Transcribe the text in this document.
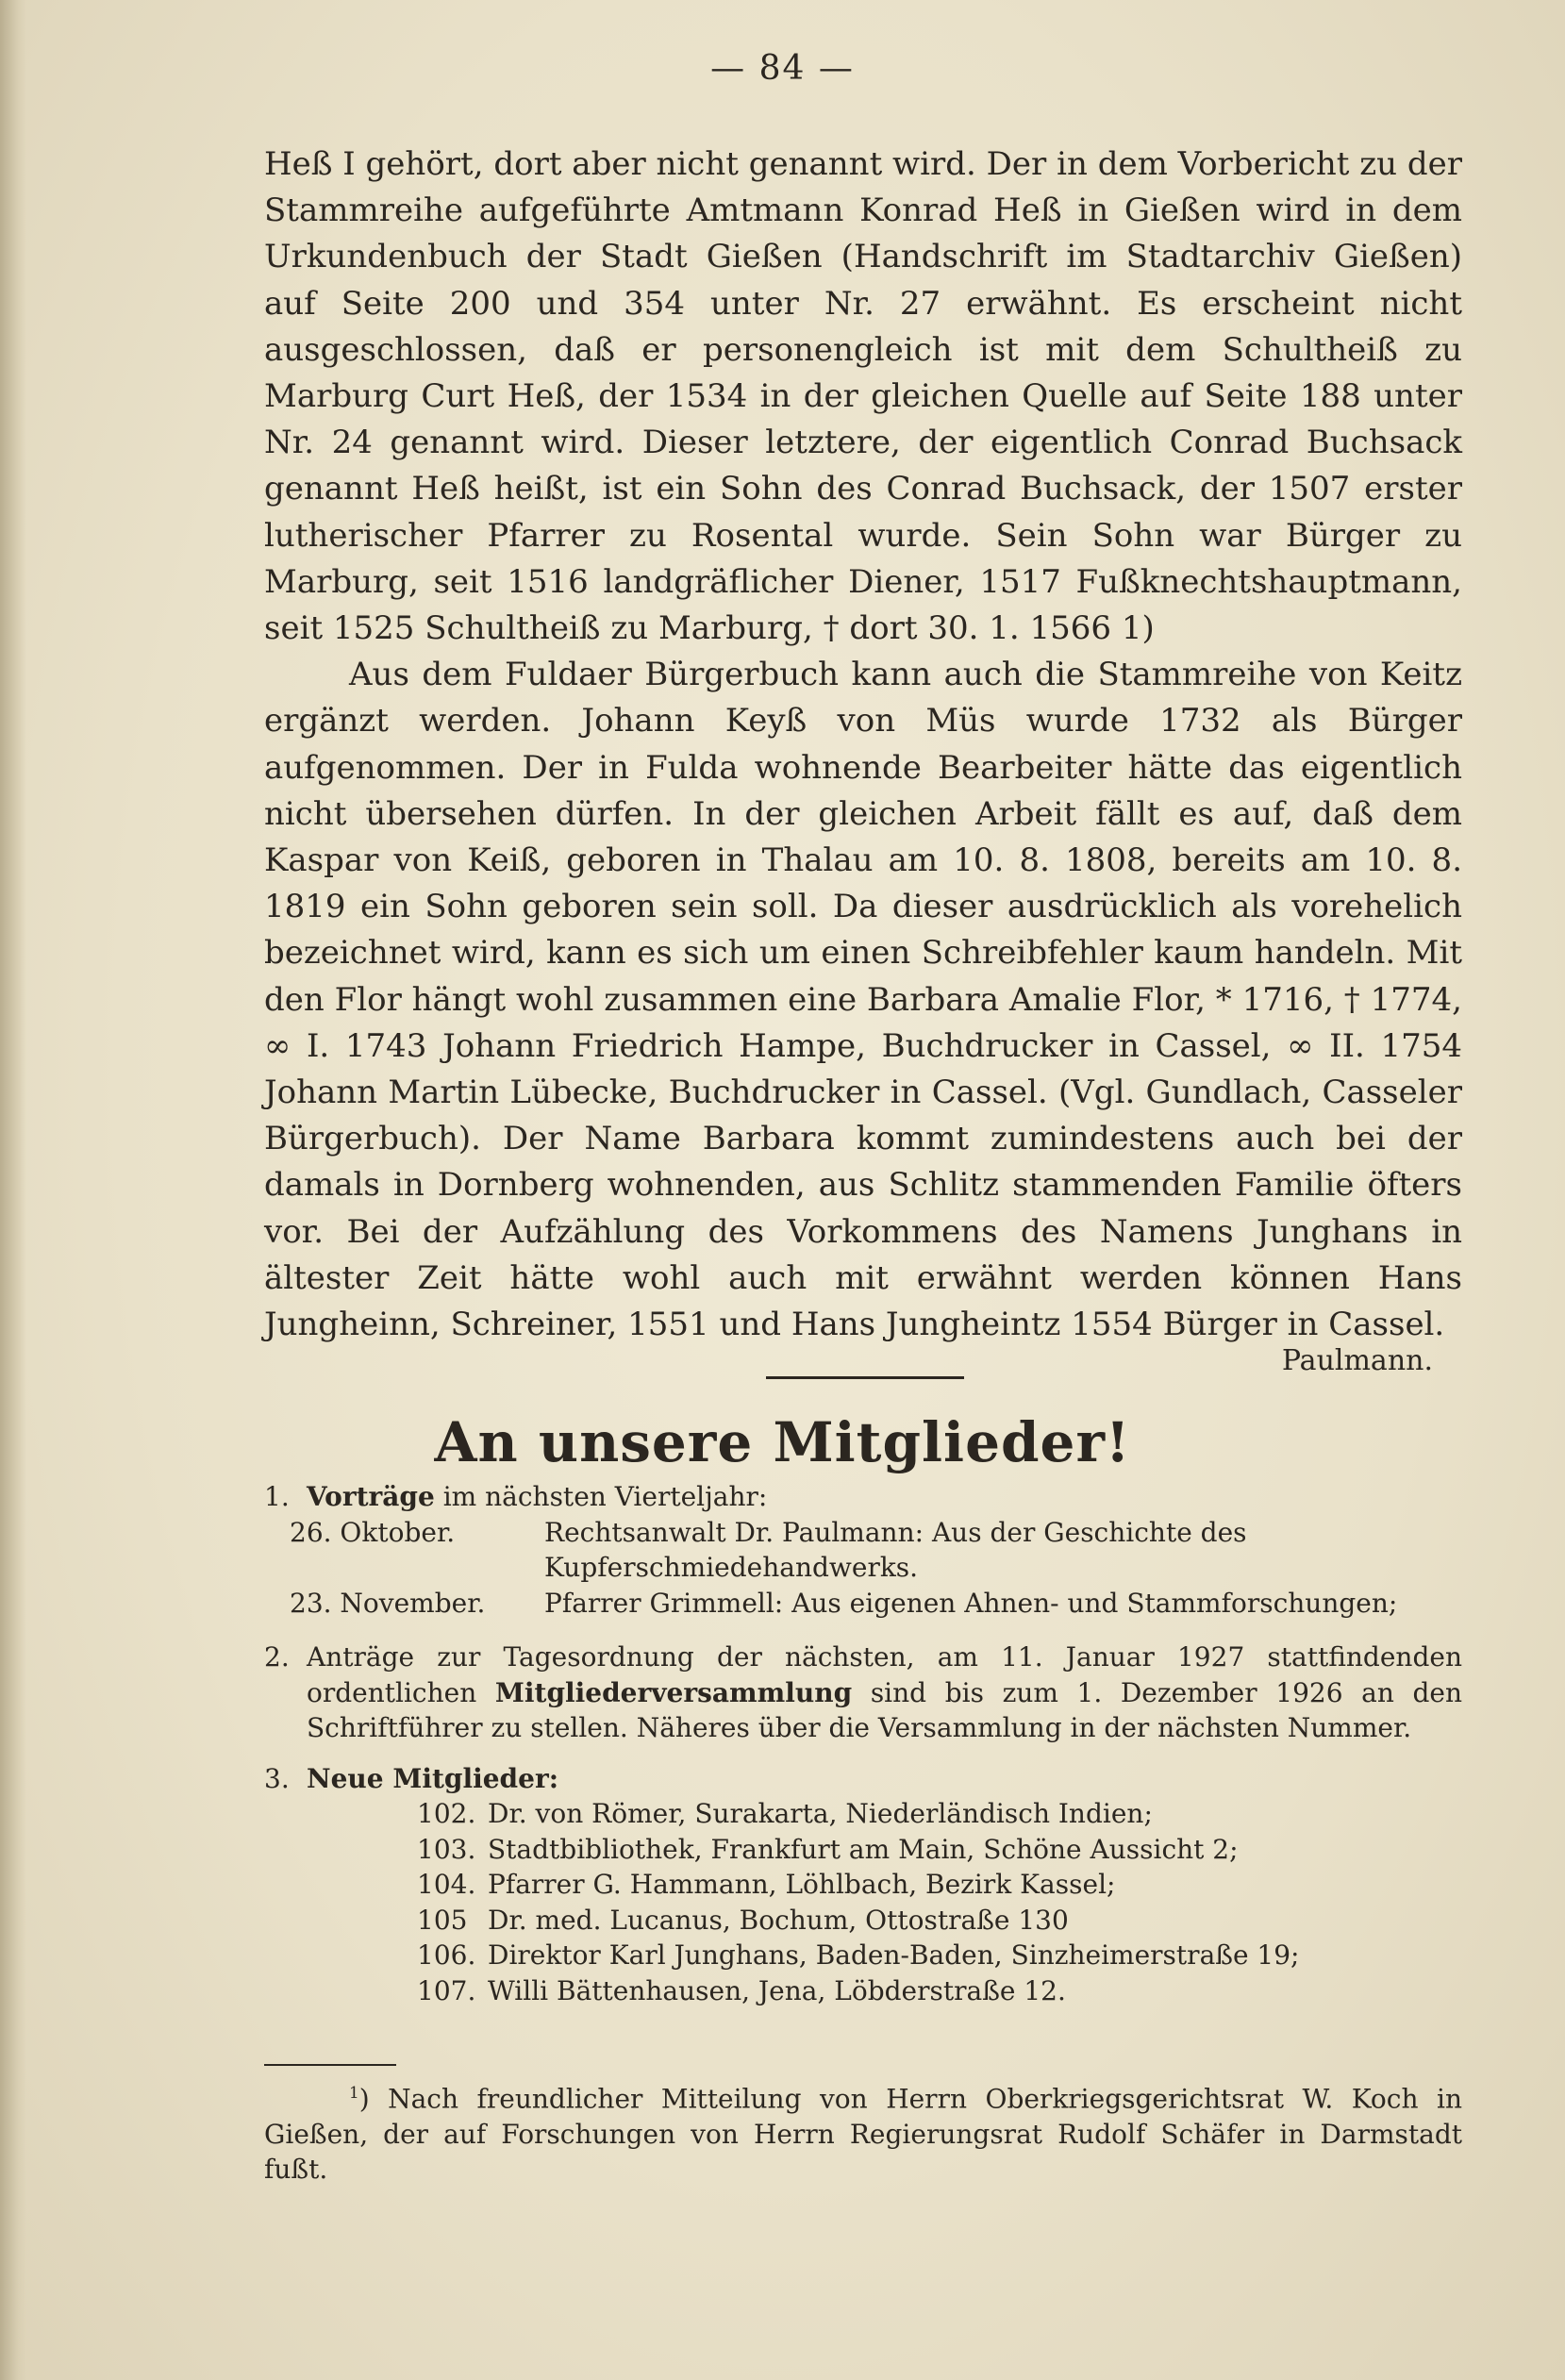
— 84 —

Heß I gehört, dort aber nicht genannt wird. Der in dem Vorbericht zu der Stammreihe aufgeführte Amtmann Konrad Heß in Gießen wird in dem Urkundenbuch der Stadt Gießen (Handschrift im Stadtarchiv Gießen) auf Seite 200 und 354 unter Nr. 27 erwähnt. Es erscheint nicht ausgeschlossen, daß er personengleich ist mit dem Schultheiß zu Marburg Curt Heß, der 1534 in der gleichen Quelle auf Seite 188 unter Nr. 24 genannt wird. Dieser letztere, der eigentlich Conrad Buchsack genannt Heß heißt, ist ein Sohn des Conrad Buchsack, der 1507 erster lutherischer Pfarrer zu Rosental wurde. Sein Sohn war Bürger zu Marburg, seit 1516 landgräflicher Diener, 1517 Fußknechtshauptmann, seit 1525 Schultheiß zu Marburg, † dort 30. 1. 1566 1)

Aus dem Fuldaer Bürgerbuch kann auch die Stammreihe von Keitz ergänzt werden. Johann Keyß von Müs wurde 1732 als Bürger aufgenommen. Der in Fulda wohnende Bearbeiter hätte das eigentlich nicht übersehen dürfen. In der gleichen Arbeit fällt es auf, daß dem Kaspar von Keiß, geboren in Thalau am 10. 8. 1808, bereits am 10. 8. 1819 ein Sohn geboren sein soll. Da dieser ausdrücklich als vorehelich bezeichnet wird, kann es sich um einen Schreibfehler kaum handeln. Mit den Flor hängt wohl zusammen eine Barbara Amalie Flor, * 1716, † 1774, ∞ I. 1743 Johann Friedrich Hampe, Buchdrucker in Cassel, ∞ II. 1754 Johann Martin Lübecke, Buchdrucker in Cassel. (Vgl. Gundlach, Casseler Bürgerbuch). Der Name Barbara kommt zumindestens auch bei der damals in Dornberg wohnenden, aus Schlitz stammenden Familie öfters vor. Bei der Aufzählung des Vorkommens des Namens Junghans in ältester Zeit hätte wohl auch mit erwähnt werden können Hans Jungheinn, Schreiner, 1551 und Hans Jungheintz 1554 Bürger in Cassel.

Paulmann.
An unsere Mitglieder!
1. Vorträge im nächsten Vierteljahr:
26. Oktober.	Rechtsanwalt Dr. Paulmann: Aus der Geschichte des Kupferschmiedehandwerks.
23. November. Pfarrer Grimmell: Aus eigenen Ahnen- und Stammforschungen;
2. Anträge zur Tagesordnung der nächsten, am 11. Januar 1927 stattfindenden ordentlichen Mitgliederversammlung sind bis zum 1. Dezember 1926 an den Schriftführer zu stellen. Näheres über die Versammlung in der nächsten Nummer.
3. Neue Mitglieder:
102. Dr. von Römer, Surakarta, Niederländisch Indien;
103. Stadtbibliothek, Frankfurt am Main, Schöne Aussicht 2;
104. Pfarrer G. Hammann, Löhlbach, Bezirk Kassel;
105 Dr. med. Lucanus, Bochum, Ottostraße 130
106. Direktor Karl Junghans, Baden-Baden, Sinzheimerstraße 19;
107. Willi Bättenhausen, Jena, Löbderstraße 12.
$^1$) Nach freundlicher Mitteilung von Herrn Oberkriegsgerichtsrat W. Koch in Gießen, der auf Forschungen von Herrn Regierungsrat Rudolf Schäfer in Darmstadt fußt.
